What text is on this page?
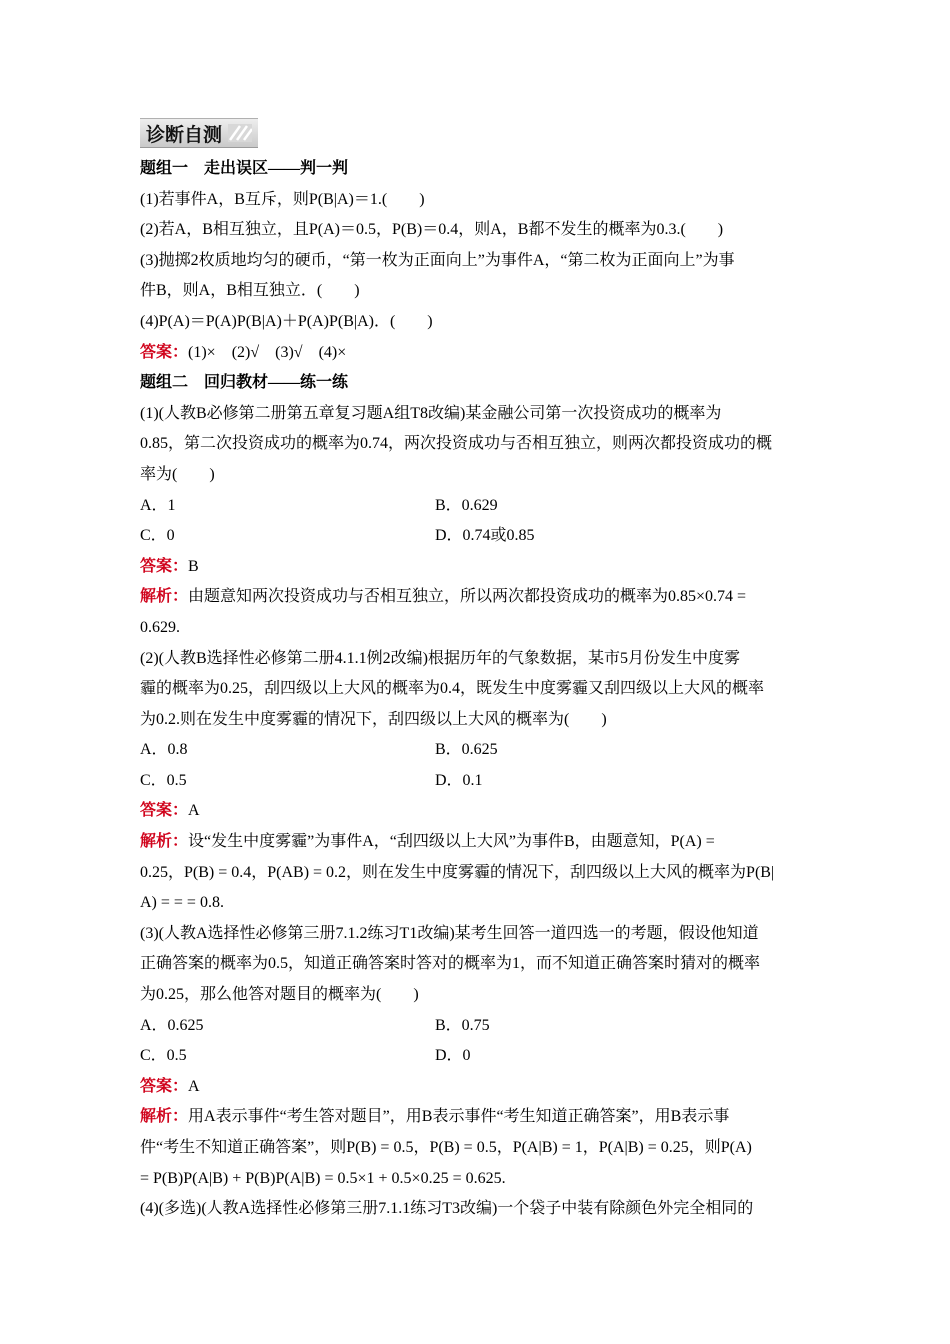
诊断自测
题组一　走出误区——判一判
(1)若事件A，B互斥，则P(B|A)＝1.(　　)
(2)若A，B相互独立，且P(A)＝0.5，P(B)＝0.4，则A，B都不发生的概率为0.3.(　　)
(3)抛掷2枚质地均匀的硬币，“第一枚为正面向上”为事件A，“第二枚为正面向上”为事
件B，则A，B相互独立．(　　)
(4)P(A)＝P(A)P(B|A)＋P(A)P(B|A)．(　　)
答案：(1)×　(2)√　(3)√　(4)×
题组二　回归教材——练一练
(1)(人教B必修第二册第五章复习题A组T8改编)某金融公司第一次投资成功的概率为
0.85，第二次投资成功的概率为0.74，两次投资成功与否相互独立，则两次都投资成功的概
率为(　　)
A．1	B．0.629
C．0	D．0.74或0.85
答案：B
解析：由题意知两次投资成功与否相互独立，所以两次都投资成功的概率为0.85×0.74 =
0.629.
(2)(人教B选择性必修第二册4.1.1例2改编)根据历年的气象数据，某市5月份发生中度雾
霾的概率为0.25，刮四级以上大风的概率为0.4，既发生中度雾霾又刮四级以上大风的概率
为0.2.则在发生中度雾霾的情况下，刮四级以上大风的概率为(　　)
A．0.8	B．0.625
C．0.5	D．0.1
答案：A
解析：设“发生中度雾霾”为事件A，“刮四级以上大风”为事件B，由题意知，P(A) =
0.25，P(B) = 0.4，P(AB) = 0.2，则在发生中度雾霾的情况下，刮四级以上大风的概率为P(B|
A) = = = 0.8.
(3)(人教A选择性必修第三册7.1.2练习T1改编)某考生回答一道四选一的考题，假设他知道
正确答案的概率为0.5，知道正确答案时答对的概率为1，而不知道正确答案时猜对的概率
为0.25，那么他答对题目的概率为(　　)
A．0.625	B．0.75
C．0.5	D．0
答案：A
解析：用A表示事件“考生答对题目”，用B表示事件“考生知道正确答案”，用B表示事
件“考生不知道正确答案”，则P(B) = 0.5，P(B) = 0.5，P(A|B) = 1，P(A|B) = 0.25，则P(A)
= P(B)P(A|B) + P(B)P(A|B) = 0.5×1 + 0.5×0.25 = 0.625.
(4)(多选)(人教A选择性必修第三册7.1.1练习T3改编)一个袋子中装有除颜色外完全相同的
